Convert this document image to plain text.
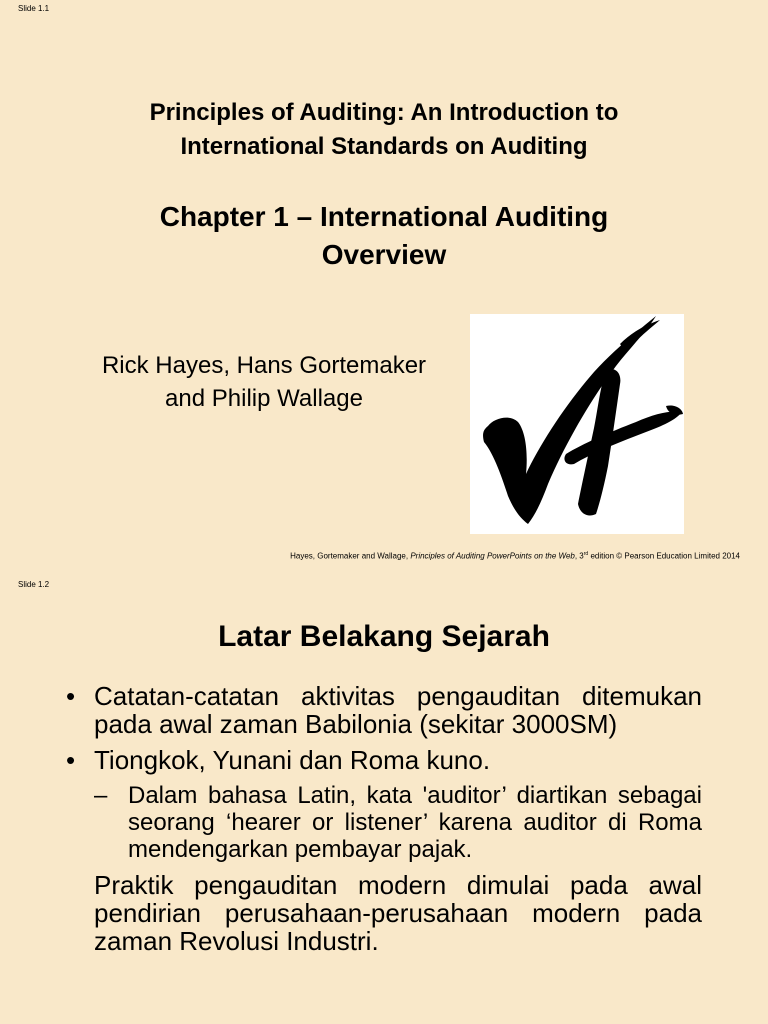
Slide 1.1
Principles of Auditing: An Introduction to
International Standards on Auditing
Chapter 1 – International Auditing
Overview
Rick Hayes, Hans Gortemaker
and Philip Wallage
Hayes, Gortemaker and Wallage, Principles of Auditing PowerPoints on the Web, 3rd edition © Pearson Education Limited 2014
Slide 1.2
Latar Belakang Sejarah
• Catatan-catatan aktivitas pengauditan ditemukan pada awal zaman Babilonia (sekitar 3000SM)
• Tiongkok, Yunani dan Roma kuno.
– Dalam bahasa Latin, kata 'auditor’ diartikan sebagai seorang ‘hearer or listener’ karena auditor di Roma mendengarkan pembayar pajak.
Praktik pengauditan modern dimulai pada awal pendirian perusahaan-perusahaan modern pada zaman Revolusi Industri.
